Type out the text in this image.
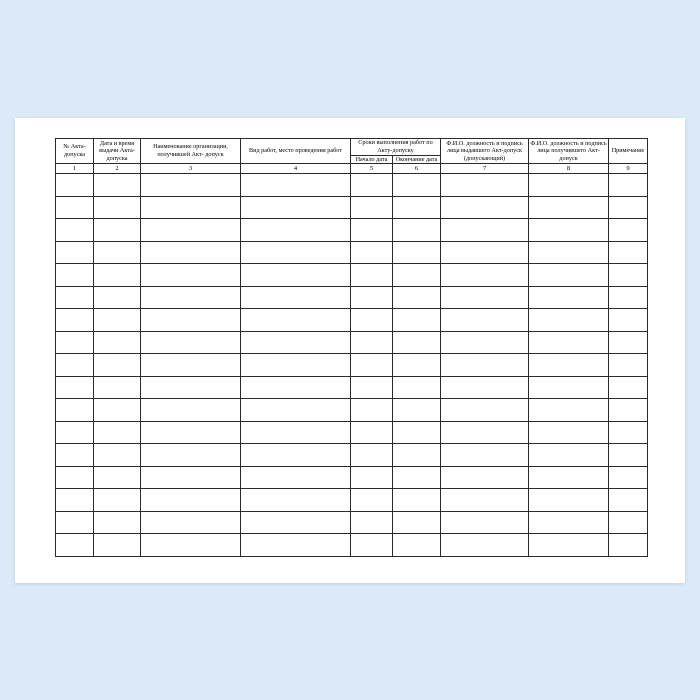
№ Акта-допуска	Дата и время выдачи Акта-допуска	Наименование организации, получившей Акт- допуск	Вид работ, место проведения работ	Сроки выполнения работ по Акту-допуску		Ф.И.О. должность и подпись лица выдавшего Акт-допуск (допускающий)	Ф.И.О. должность и подпись лица получившего Акт-допуск	Примечание
				Начало дата	Окончание дата			
1	2	3	4	5	6	7	8	9
